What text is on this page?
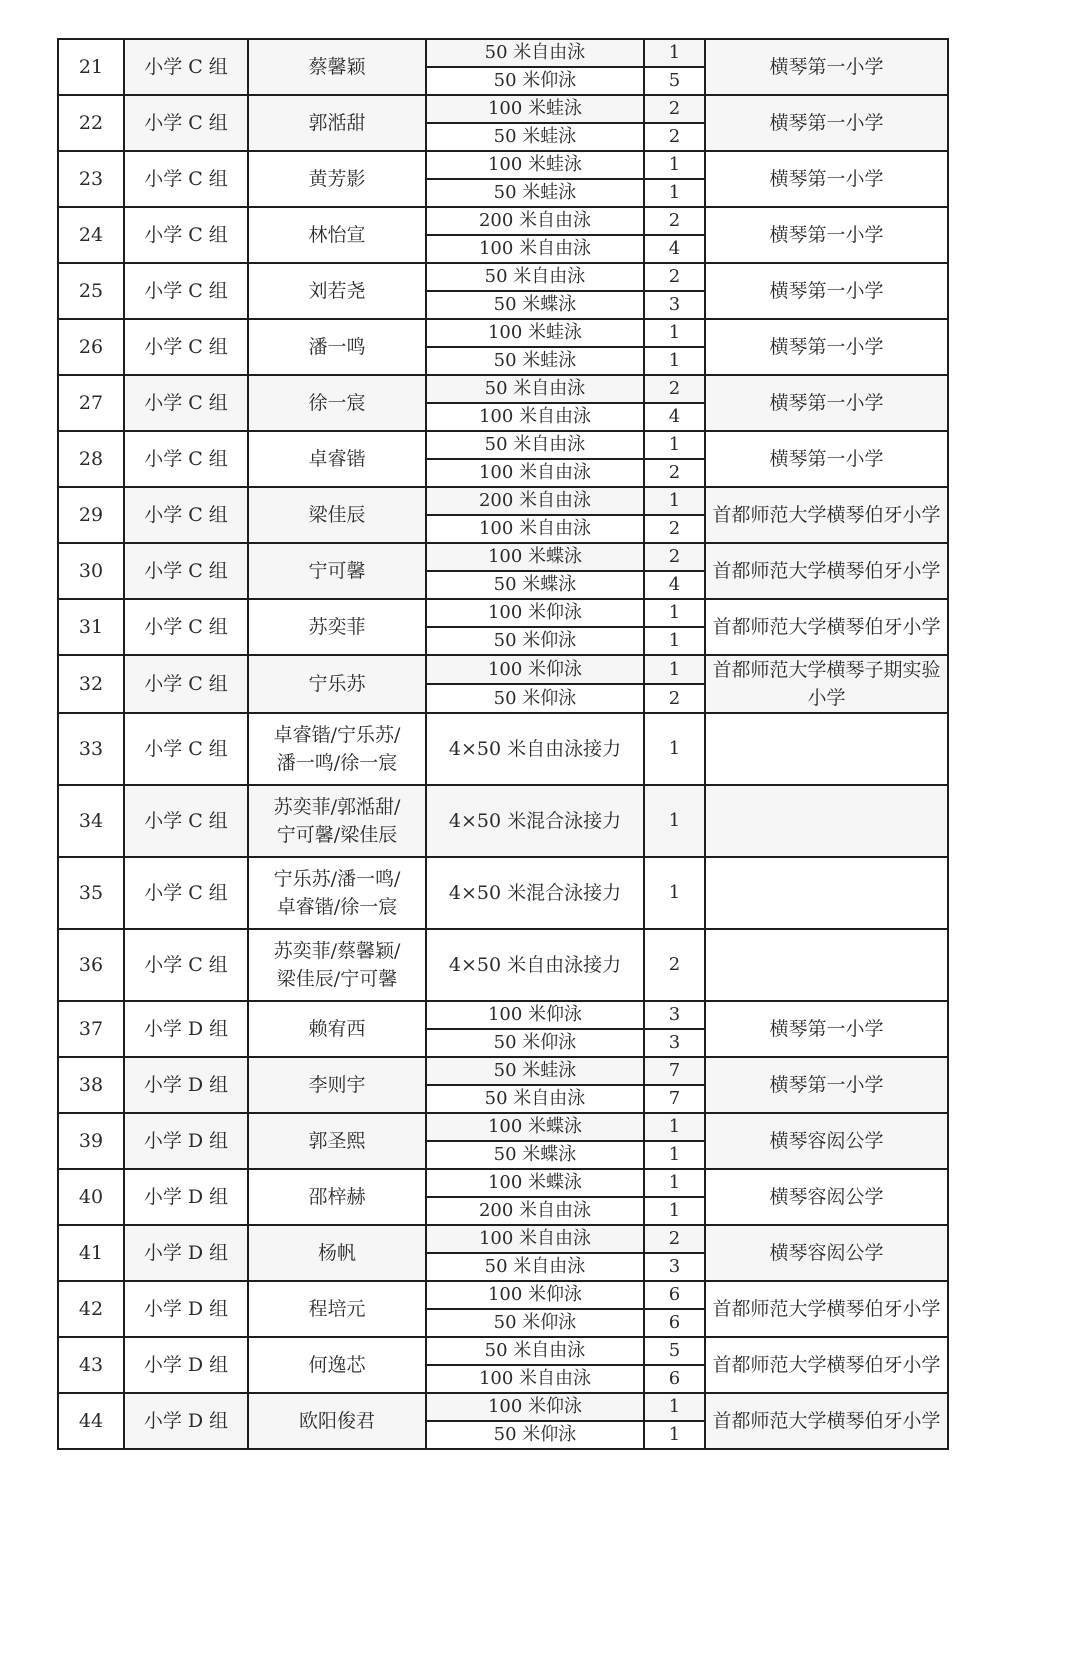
21	小学 C 组	蔡馨颖	50 米自由泳	1	横琴第一小学
			50 米仰泳	5	
22	小学 C 组	郭湉甜	100 米蛙泳	2	横琴第一小学
			50 米蛙泳	2	
23	小学 C 组	黄芳影	100 米蛙泳	1	横琴第一小学
			50 米蛙泳	1	
24	小学 C 组	林怡宣	200 米自由泳	2	横琴第一小学
			100 米自由泳	4	
25	小学 C 组	刘若尧	50 米自由泳	2	横琴第一小学
			50 米蝶泳	3	
26	小学 C 组	潘一鸣	100 米蛙泳	1	横琴第一小学
			50 米蛙泳	1	
27	小学 C 组	徐一宸	50 米自由泳	2	横琴第一小学
			100 米自由泳	4	
28	小学 C 组	卓睿锴	50 米自由泳	1	横琴第一小学
			100 米自由泳	2	
29	小学 C 组	梁佳辰	200 米自由泳	1	首都师范大学横琴伯牙小学
			100 米自由泳	2	
30	小学 C 组	宁可馨	100 米蝶泳	2	首都师范大学横琴伯牙小学
			50 米蝶泳	4	
31	小学 C 组	苏奕菲	100 米仰泳	1	首都师范大学横琴伯牙小学
			50 米仰泳	1	
32	小学 C 组	宁乐苏	100 米仰泳	1	首都师范大学横琴子期实验小学
			50 米仰泳	2	
33	小学 C 组	卓睿锴/宁乐苏/
潘一鸣/徐一宸	4×50 米自由泳接力	1	
34	小学 C 组	苏奕菲/郭湉甜/
宁可馨/梁佳辰	4×50 米混合泳接力	1	
35	小学 C 组	宁乐苏/潘一鸣/
卓睿锴/徐一宸	4×50 米混合泳接力	1	
36	小学 C 组	苏奕菲/蔡馨颖/
梁佳辰/宁可馨	4×50 米自由泳接力	2	
37	小学 D 组	赖宥西	100 米仰泳	3	横琴第一小学
			50 米仰泳	3	
38	小学 D 组	李则宇	50 米蛙泳	7	横琴第一小学
			50 米自由泳	7	
39	小学 D 组	郭圣熙	100 米蝶泳	1	横琴容闳公学
			50 米蝶泳	1	
40	小学 D 组	邵梓赫	100 米蝶泳	1	横琴容闳公学
			200 米自由泳	1	
41	小学 D 组	杨帆	100 米自由泳	2	横琴容闳公学
			50 米自由泳	3	
42	小学 D 组	程培元	100 米仰泳	6	首都师范大学横琴伯牙小学
			50 米仰泳	6	
43	小学 D 组	何逸芯	50 米自由泳	5	首都师范大学横琴伯牙小学
			100 米自由泳	6	
44	小学 D 组	欧阳俊君	100 米仰泳	1	首都师范大学横琴伯牙小学
			50 米仰泳	1	
